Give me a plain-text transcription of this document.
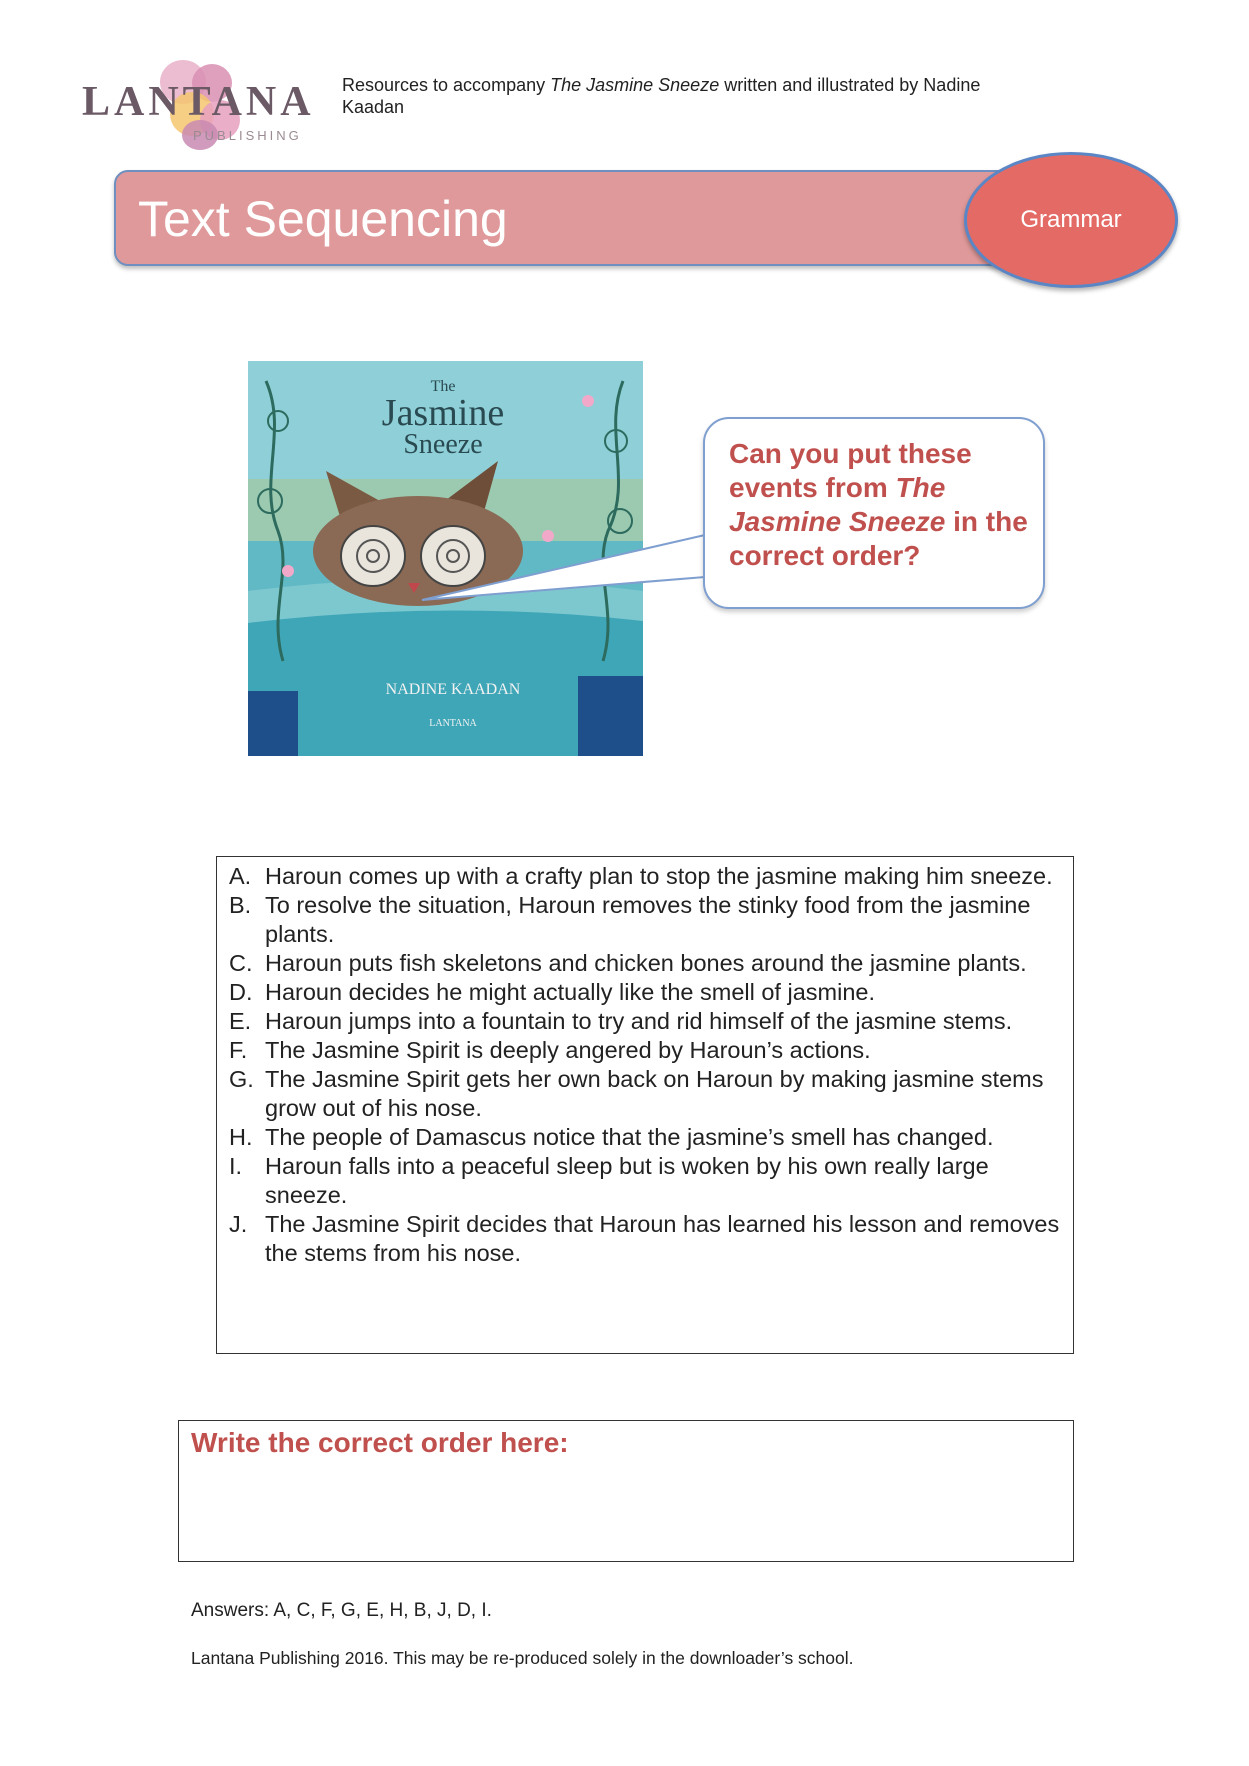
LANTANA
PUBLISHING
Resources to accompany The Jasmine Sneeze written and illustrated by Nadine Kaadan
Text Sequencing	Grammar
The
Jasmine
Sneeze
NADINE KAADAN
LANTANA
Can you put these events from The Jasmine Sneeze in the correct order?
A. Haroun comes up with a crafty plan to stop the jasmine making him sneeze.
B. To resolve the situation, Haroun removes the stinky food from the jasmine plants.
C. Haroun puts fish skeletons and chicken bones around the jasmine plants.
D. Haroun decides he might actually like the smell of jasmine.
E. Haroun jumps into a fountain to try and rid himself of the jasmine stems.
F. The Jasmine Spirit is deeply angered by Haroun’s actions.
G. The Jasmine Spirit gets her own back on Haroun by making jasmine stems grow out of his nose.
H. The people of Damascus notice that the jasmine’s smell has changed.
I. Haroun falls into a peaceful sleep but is woken by his own really large sneeze.
J. The Jasmine Spirit decides that Haroun has learned his lesson and removes the stems from his nose.
Write the correct order here:
Answers: A, C, F, G, E, H, B, J, D, I.
Lantana Publishing 2016. This may be re-produced solely in the downloader’s school.
